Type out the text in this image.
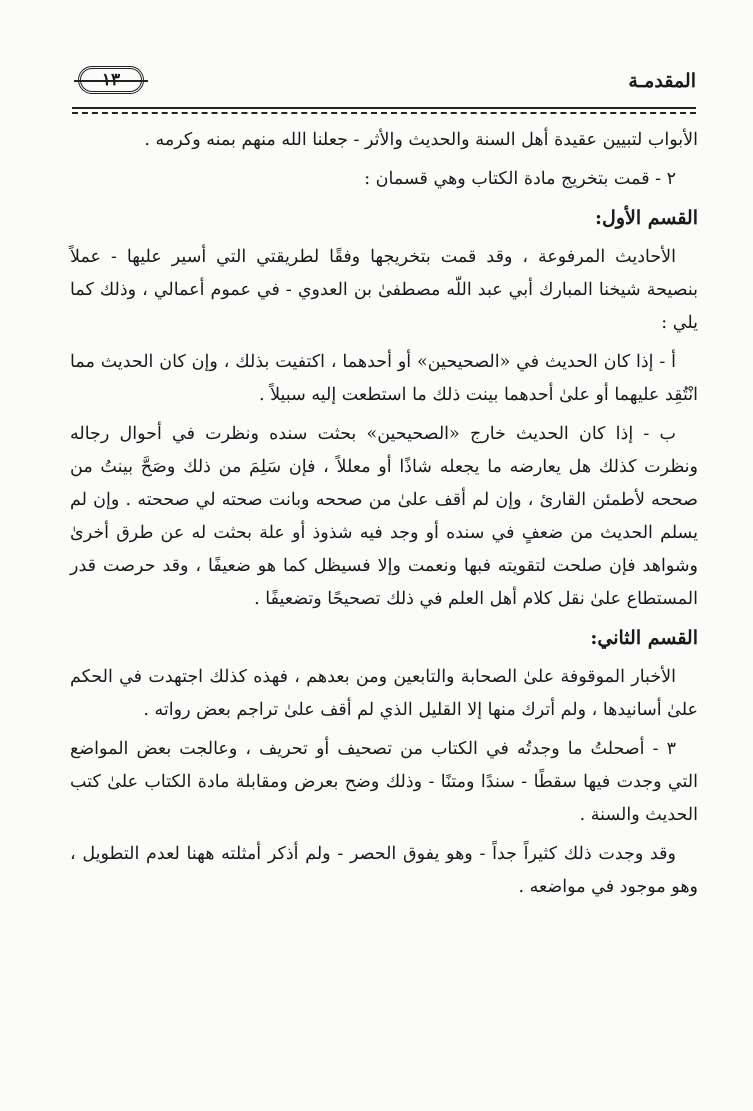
المقدمـة
١٣

الأبواب لتبيين عقيدة أهل السنة والحديث والأثر - جعلنا الله منهم بمنه وكرمه .

٢ - قمت بتخريج مادة الكتاب وهي قسمان :

القسم الأول:

الأحاديث المرفوعة ، وقد قمت بتخريجها وفقًا لطريقتي التي أسير عليها - عملاً بنصيحة شيخنا المبارك أبي عبد اللّه مصطفىٰ بن العدوي - في عموم أعمالي ، وذلك كما يلي :

أ - إذا كان الحديث في «الصحيحين» أو أحدهما ، اكتفيت بذلك ، وإن كان الحديث مما انْتُقِد عليهما أو علىٰ أحدهما بينت ذلك ما استطعت إليه سبيلاً .

ب - إذا كان الحديث خارج «الصحيحين» بحثت سنده ونظرت في أحوال رجاله ونظرت كذلك هل يعارضه ما يجعله شاذًا أو معللاً ، فإن سَلِمَ من ذلك وصَحَّ بينتُ من صححه لأطمئن القارئ ، وإن لم أقف علىٰ من صححه وبانت صحته لي صححته . وإن لم يسلم الحديث من ضعفٍ في سنده أو وجد فيه شذوذ أو علة بحثت له عن طرق أخرىٰ وشواهد فإن صلحت لتقويته فبها ونعمت وإلا فسيظل كما هو ضعيفًا ، وقد حرصت قدر المستطاع علىٰ نقل كلام أهل العلم في ذلك تصحيحًا وتضعيفًا .

القسم الثاني:

الأخبار الموقوفة علىٰ الصحابة والتابعين ومن بعدهم ، فهذه كذلك اجتهدت في الحكم علىٰ أسانيدها ، ولم أترك منها إلا القليل الذي لم أقف علىٰ تراجم بعض رواته .

٣ - أصحلتُ ما وجدتُه في الكتاب من تصحيف أو تحريف ، وعالجت بعض المواضع التي وجدت فيها سقطًا - سندًا ومتنًا - وذلك وضح بعرض ومقابلة مادة الكتاب علىٰ كتب الحديث والسنة .

وقد وجدت ذلك كثيراً جداً - وهو يفوق الحصر - ولم أذكر أمثلته ههنا لعدم التطويل ، وهو موجود في مواضعه .
